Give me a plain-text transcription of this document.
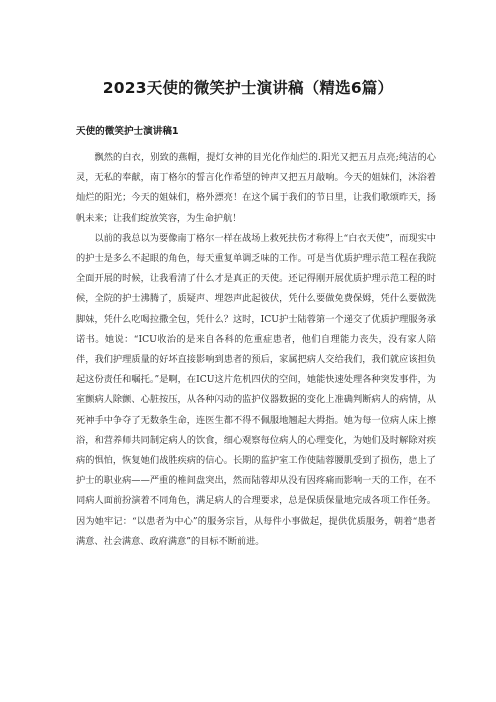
2023天使的微笑护士演讲稿（精选6篇）
天使的微笑护士演讲稿1

飘然的白衣，别致的燕帽，提灯女神的目光化作灿烂的.阳光又把五月点亮;纯洁的心灵，无私的奉献，南丁格尔的誓言化作希望的钟声又把五月敲响。今天的姐妹们，沐浴着灿烂的阳光；今天的姐妹们，格外漂亮！在这个属于我们的节日里，让我们歌颂昨天，扬帆未来；让我们绽放笑容，为生命护航！

以前的我总以为要像南丁格尔一样在战场上救死扶伤才称得上“白衣天使”，而现实中的护士是多么不起眼的角色，每天重复单调乏味的工作。可是当优质护理示范工程在我院全面开展的时候，让我看清了什么才是真正的天使。还记得刚开展优质护理示范工程的时候，全院的护士沸腾了，质疑声、埋怨声此起彼伏，凭什么要做免费保姆，凭什么要做洗脚妹，凭什么吃喝拉撒全包，凭什么？这时，ICU护士陆蓉第一个递交了优质护理服务承诺书。她说：“ICU收治的是来自各科的危重症患者，他们自理能力丧失，没有家人陪伴，我们护理质量的好坏直接影响到患者的预后，家属把病人交给我们，我们就应该担负起这份责任和嘱托。”是啊，在ICU这片危机四伏的空间，她能快速处理各种突发事件，为室颤病人除颤、心脏按压，从各种闪动的监护仪器数据的变化上准确判断病人的病情，从死神手中争夺了无数条生命，连医生都不得不佩服地翘起大拇指。她为每一位病人床上擦浴，和营养师共同制定病人的饮食，细心观察每位病人的心理变化，为她们及时解除对疾病的惧怕，恢复她们战胜疾病的信心。长期的监护室工作使陆蓉腰肌受到了损伤，患上了护士的职业病——严重的椎间盘突出，然而陆蓉却从没有因疼痛而影响一天的工作，在不同病人面前扮演着不同角色，满足病人的合理要求，总是保质保量地完成各项工作任务。因为她牢记：“以患者为中心”的服务宗旨，从每件小事做起，提供优质服务，朝着“患者满意、社会满意、政府满意”的目标不断前进。
